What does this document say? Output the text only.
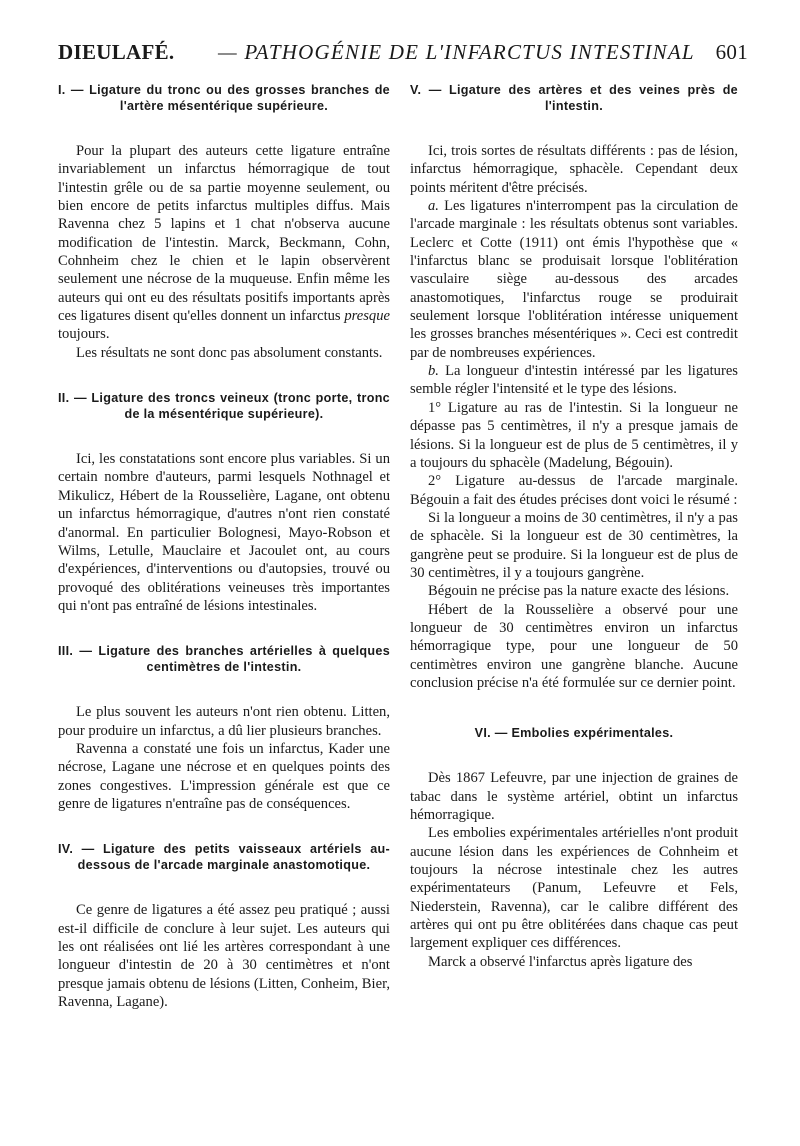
DIEULAFÉ. — PATHOGÉNIE DE L'INFARCTUS INTESTINAL 601
I. — Ligature du tronc ou des grosses branches de l'artère mésentérique supérieure.

Pour la plupart des auteurs cette ligature entraîne invariablement un infarctus hémorragique de tout l'intestin grêle ou de sa partie moyenne seulement, ou bien encore de petits infarctus multiples diffus. Mais Ravenna chez 5 lapins et 1 chat n'observa aucune modification de l'intestin. Marck, Beckmann, Cohn, Cohnheim chez le chien et le lapin observèrent seulement une nécrose de la muqueuse. Enfin même les auteurs qui ont eu des résultats positifs importants après ces ligatures disent qu'elles donnent un infarctus presque toujours.

Les résultats ne sont donc pas absolument constants.

II. — Ligature des troncs veineux (tronc porte, tronc de la mésentérique supérieure).

Ici, les constatations sont encore plus variables. Si un certain nombre d'auteurs, parmi lesquels Nothnagel et Mikulicz, Hébert de la Rousselière, Lagane, ont obtenu un infarctus hémorragique, d'autres n'ont rien constaté d'anormal. En particulier Bolognesi, Mayo-Robson et Wilms, Letulle, Mauclaire et Jacoulet ont, au cours d'expériences, d'interventions ou d'autopsies, trouvé ou provoqué des oblitérations veineuses très importantes qui n'ont pas entraîné de lésions intestinales.

III. — Ligature des branches artérielles à quelques centimètres de l'intestin.

Le plus souvent les auteurs n'ont rien obtenu. Litten, pour produire un infarctus, a dû lier plusieurs branches.

Ravenna a constaté une fois un infarctus, Kader une nécrose, Lagane une nécrose et en quelques points des zones congestives. L'impression générale est que ce genre de ligatures n'entraîne pas de conséquences.

IV. — Ligature des petits vaisseaux artériels au-dessous de l'arcade marginale anastomotique.

Ce genre de ligatures a été assez peu pratiqué ; aussi est-il difficile de conclure à leur sujet. Les auteurs qui les ont réalisées ont lié les artères correspondant à une longueur d'intestin de 20 à 30 centimètres et n'ont presque jamais obtenu de lésions (Litten, Conheim, Bier, Ravenna, Lagane).

V. — Ligature des artères et des veines près de l'intestin.

Ici, trois sortes de résultats différents : pas de lésion, infarctus hémorragique, sphacèle. Cependant deux points méritent d'être précisés.

a. Les ligatures n'interrompent pas la circulation de l'arcade marginale : les résultats obtenus sont variables. Leclerc et Cotte (1911) ont émis l'hypothèse que « l'infarctus blanc se produisait lorsque l'oblitération vasculaire siège au-dessous des arcades anastomotiques, l'infarctus rouge se produirait seulement lorsque l'oblitération intéresse uniquement les grosses branches mésentériques ». Ceci est contredit par de nombreuses expériences.

b. La longueur d'intestin intéressé par les ligatures semble régler l'intensité et le type des lésions.

1° Ligature au ras de l'intestin. Si la longueur ne dépasse pas 5 centimètres, il n'y a presque jamais de lésions. Si la longueur est de plus de 5 centimètres, il y a toujours du sphacèle (Madelung, Bégouin).

2° Ligature au-dessus de l'arcade marginale. Bégouin a fait des études précises dont voici le résumé :

Si la longueur a moins de 30 centimètres, il n'y a pas de sphacèle. Si la longueur est de 30 centimètres, la gangrène peut se produire. Si la longueur est de plus de 30 centimètres, il y a toujours gangrène.

Bégouin ne précise pas la nature exacte des lésions.

Hébert de la Rousselière a observé pour une longueur de 30 centimètres environ un infarctus hémorragique type, pour une longueur de 50 centimètres environ une gangrène blanche. Aucune conclusion précise n'a été formulée sur ce dernier point.

VI. — Embolies expérimentales.

Dès 1867 Lefeuvre, par une injection de graines de tabac dans le système artériel, obtint un infarctus hémorragique.

Les embolies expérimentales artérielles n'ont produit aucune lésion dans les expériences de Cohnheim et toujours la nécrose intestinale chez les autres expérimentateurs (Panum, Lefeuvre et Fels, Niederstein, Ravenna), car le calibre différent des artères qui ont pu être oblitérées dans chaque cas peut largement expliquer ces différences.

Marck a observé l'infarctus après ligature des
